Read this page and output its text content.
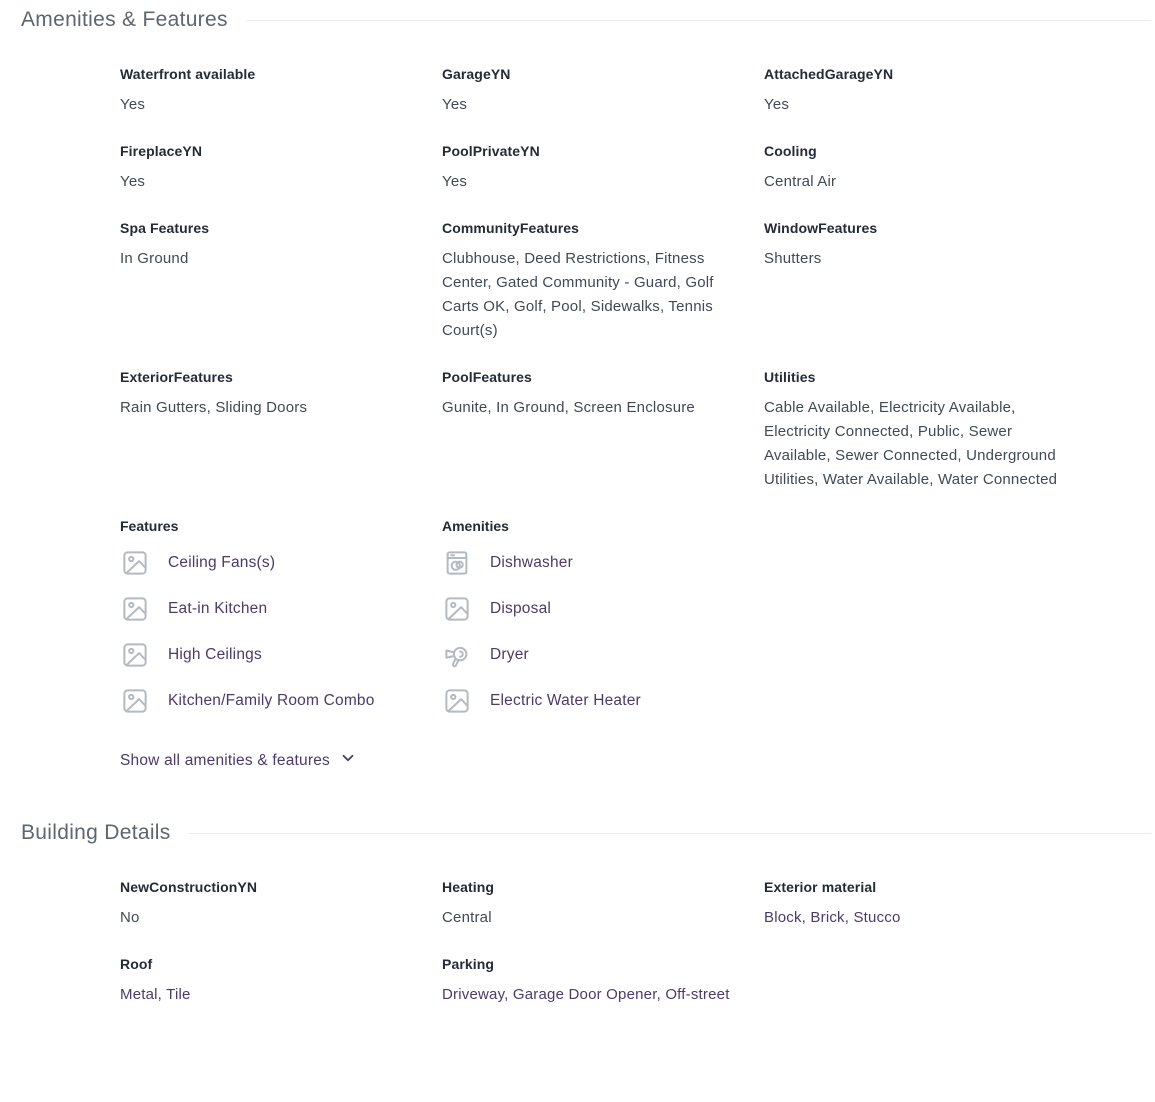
Amenities & Features
Waterfront available
Yes
GarageYN
Yes
AttachedGarageYN
Yes
FireplaceYN
Yes
PoolPrivateYN
Yes
Cooling
Central Air
Spa Features
In Ground
CommunityFeatures
Clubhouse, Deed Restrictions, Fitness Center, Gated Community - Guard, Golf Carts OK, Golf, Pool, Sidewalks, Tennis Court(s)
WindowFeatures
Shutters
ExteriorFeatures
Rain Gutters, Sliding Doors
PoolFeatures
Gunite, In Ground, Screen Enclosure
Utilities
Cable Available, Electricity Available, Electricity Connected, Public, Sewer Available, Sewer Connected, Underground Utilities, Water Available, Water Connected
Features
Ceiling Fans(s)
Eat-in Kitchen
High Ceilings
Kitchen/Family Room Combo
Amenities
Dishwasher
Disposal
Dryer
Electric Water Heater
Show all amenities & features
Building Details
NewConstructionYN
No
Heating
Central
Exterior material
Block, Brick, Stucco
Roof
Metal, Tile
Parking
Driveway, Garage Door Opener, Off-street
